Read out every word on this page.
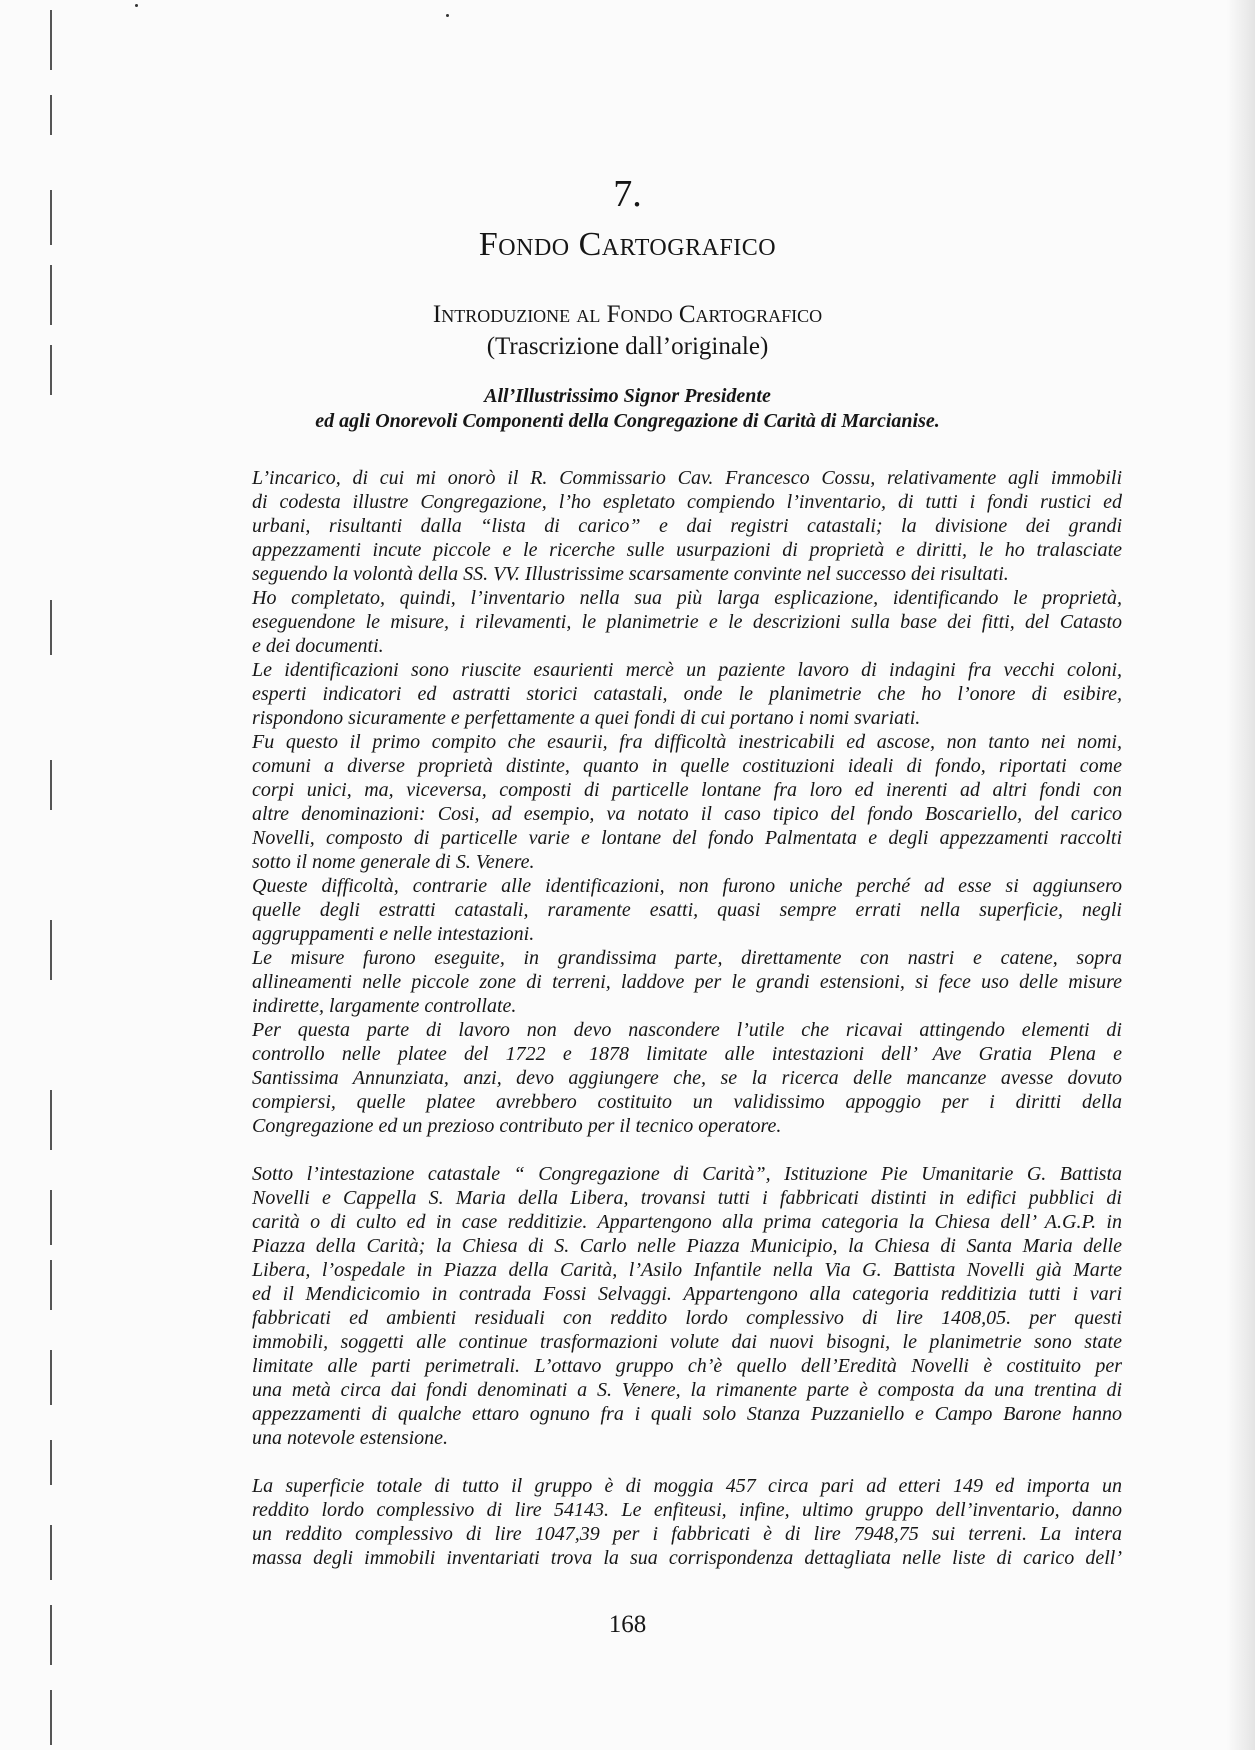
7.
Fondo Cartografico
Introduzione al Fondo Cartografico
(Trascrizione dall’originale)
All’Illustrissimo Signor Presidente
ed agli Onorevoli Componenti della Congregazione di Carità di Marcianise.
L’incarico, di cui mi onorò il R. Commissario Cav. Francesco Cossu, relativamente agli immobili
di codesta illustre Congregazione, l’ho espletato compiendo l’inventario, di tutti i fondi rustici ed
urbani, risultanti dalla “lista di carico” e dai registri catastali; la divisione dei grandi
appezzamenti incute piccole e le ricerche sulle usurpazioni di proprietà e diritti, le ho tralasciate
seguendo la volontà della SS. VV. Illustrissime scarsamente convinte nel successo dei risultati.
Ho completato, quindi, l’inventario nella sua più larga esplicazione, identificando le proprietà,
eseguendone le misure, i rilevamenti, le planimetrie e le descrizioni sulla base dei fitti, del Catasto
e dei documenti.
Le identificazioni sono riuscite esaurienti mercè un paziente lavoro di indagini fra vecchi coloni,
esperti indicatori ed astratti storici catastali, onde le planimetrie che ho l’onore di esibire,
rispondono sicuramente e perfettamente a quei fondi di cui portano i nomi svariati.
Fu questo il primo compito che esaurii, fra difficoltà inestricabili ed ascose, non tanto nei nomi,
comuni a diverse proprietà distinte, quanto in quelle costituzioni ideali di fondo, riportati come
corpi unici, ma, viceversa, composti di particelle lontane fra loro ed inerenti ad altri fondi con
altre denominazioni: Cosi, ad esempio, va notato il caso tipico del fondo Boscariello, del carico
Novelli, composto di particelle varie e lontane del fondo Palmentata e degli appezzamenti raccolti
sotto il nome generale di S. Venere.
Queste difficoltà, contrarie alle identificazioni, non furono uniche perché ad esse si aggiunsero
quelle degli estratti catastali, raramente esatti, quasi sempre errati nella superficie, negli
aggruppamenti e nelle intestazioni.
Le misure furono eseguite, in grandissima parte, direttamente con nastri e catene, sopra
allineamenti nelle piccole zone di terreni, laddove per le grandi estensioni, si fece uso delle misure
indirette, largamente controllate.
Per questa parte di lavoro non devo nascondere l’utile che ricavai attingendo elementi di
controllo nelle platee del 1722 e 1878 limitate alle intestazioni dell’ Ave Gratia Plena e
Santissima Annunziata, anzi, devo aggiungere che, se la ricerca delle mancanze avesse dovuto
compiersi, quelle platee avrebbero costituito un validissimo appoggio per i diritti della
Congregazione ed un prezioso contributo per il tecnico operatore.
Sotto l’intestazione catastale “ Congregazione di Carità”, Istituzione Pie Umanitarie G. Battista
Novelli e Cappella S. Maria della Libera, trovansi tutti i fabbricati distinti in edifici pubblici di
carità o di culto ed in case redditizie. Appartengono alla prima categoria la Chiesa dell’ A.G.P. in
Piazza della Carità; la Chiesa di S. Carlo nelle Piazza Municipio, la Chiesa di Santa Maria delle
Libera, l’ospedale in Piazza della Carità, l’Asilo Infantile nella Via G. Battista Novelli già Marte
ed il Mendicicomio in contrada Fossi Selvaggi. Appartengono alla categoria redditizia tutti i vari
fabbricati ed ambienti residuali con reddito lordo complessivo di lire 1408,05. per questi
immobili, soggetti alle continue trasformazioni volute dai nuovi bisogni, le planimetrie sono state
limitate alle parti perimetrali. L’ottavo gruppo ch’è quello dell’Eredità Novelli è costituito per
una metà circa dai fondi denominati a S. Venere, la rimanente parte è composta da una trentina di
appezzamenti di qualche ettaro ognuno fra i quali solo Stanza Puzzaniello e Campo Barone hanno
una notevole estensione.
La superficie totale di tutto il gruppo è di moggia 457 circa pari ad etteri 149 ed importa un
reddito lordo complessivo di lire 54143. Le enfiteusi, infine, ultimo gruppo dell’inventario, danno
un reddito complessivo di lire 1047,39 per i fabbricati è di lire 7948,75 sui terreni. La intera
massa degli immobili inventariati trova la sua corrispondenza dettagliata nelle liste di carico dell’
168
